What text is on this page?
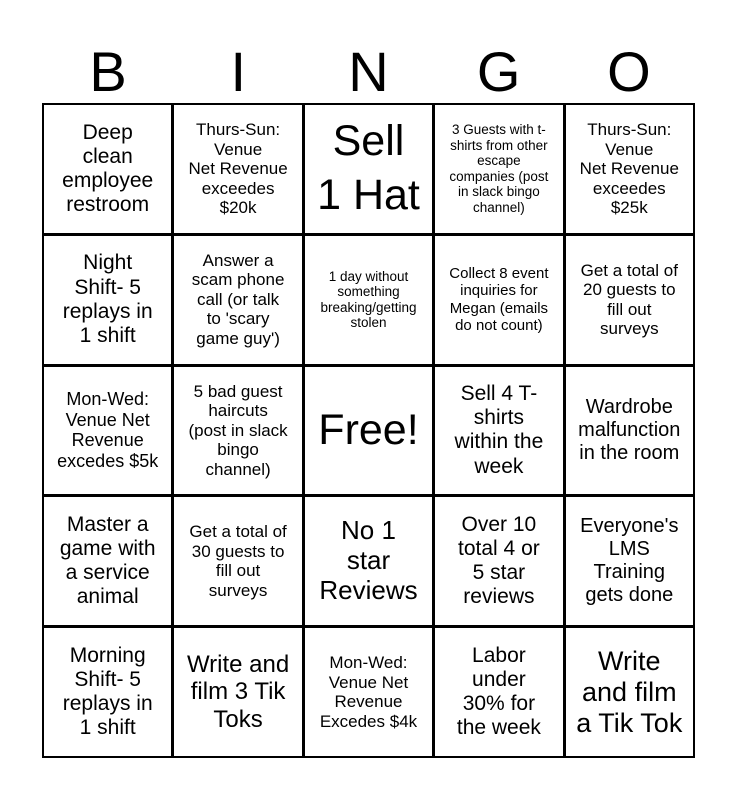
B	I	N	G	O
Deep
clean
employee
restroom
Thurs-Sun:
Venue
Net Revenue
exceedes
$20k
Sell
1 Hat
3 Guests with t-
shirts from other
escape
companies (post
in slack bingo
channel)
Thurs-Sun:
Venue
Net Revenue
exceedes
$25k
Night
Shift- 5
replays in
1 shift
Answer a
scam phone
call (or talk
to 'scary
game guy')
1 day without
something
breaking/getting
stolen
Collect 8 event
inquiries for
Megan (emails
do not count)
Get a total of
20 guests to
fill out
surveys
Mon-Wed:
Venue Net
Revenue
excedes $5k
5 bad guest
haircuts
(post in slack
bingo
channel)
Free!
Sell 4 T-
shirts
within the
week
Wardrobe
malfunction
in the room
Master a
game with
a service
animal
Get a total of
30 guests to
fill out
surveys
No 1
star
Reviews
Over 10
total 4 or
5 star
reviews
Everyone's
LMS
Training
gets done
Morning
Shift- 5
replays in
1 shift
Write and
film 3 Tik
Toks
Mon-Wed:
Venue Net
Revenue
Excedes $4k
Labor
under
30% for
the week
Write
and film
a Tik Tok
